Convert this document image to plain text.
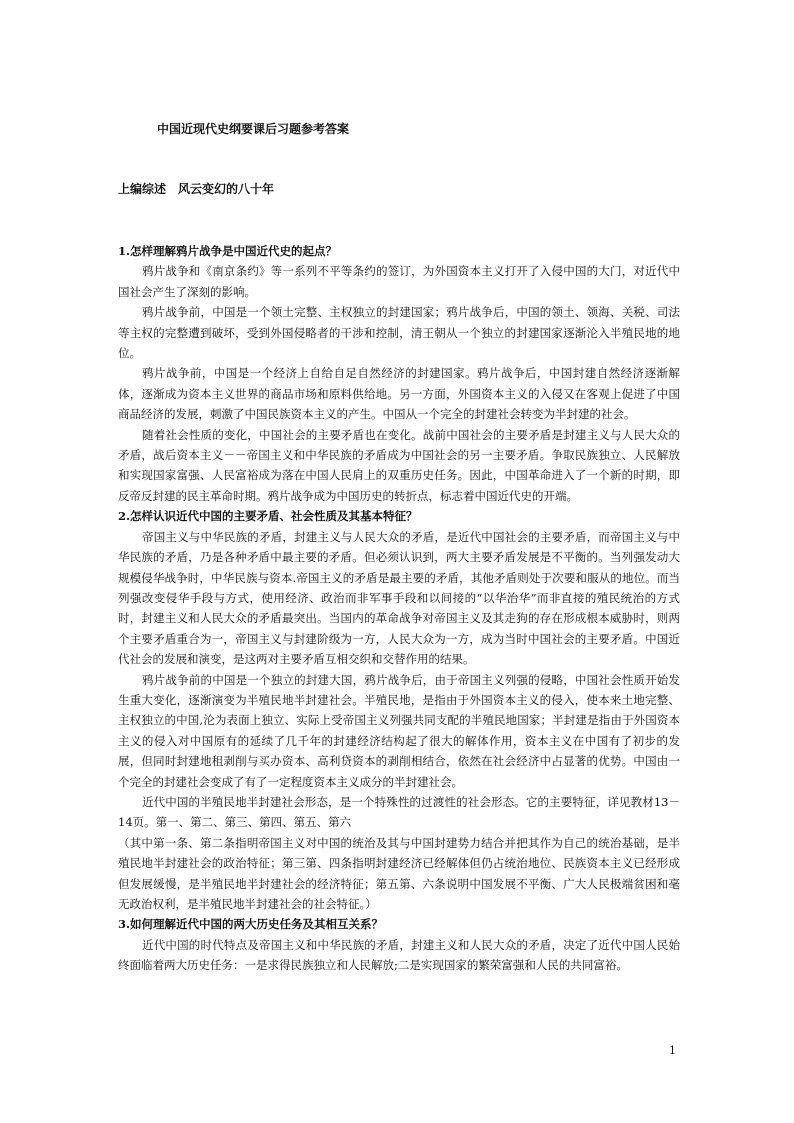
中国近现代史纲要课后习题参考答案
上编综述　风云变幻的八十年

1.怎样理解鸦片战争是中国近代史的起点？

鸦片战争和《南京条约》等一系列不平等条约的签订，为外国资本主义打开了入侵中国的大门，对近代中国社会产生了深刻的影响。

鸦片战争前，中国是一个领土完整、主权独立的封建国家；鸦片战争后，中国的领土、领海、关税、司法等主权的完整遭到破坏，受到外国侵略者的干涉和控制，清王朝从一个独立的封建国家逐渐沦入半殖民地的地位。

鸦片战争前，中国是一个经济上自给自足自然经济的封建国家。鸦片战争后，中国封建自然经济逐渐解体，逐渐成为资本主义世界的商品市场和原料供给地。另一方面，外国资本主义的入侵又在客观上促进了中国商品经济的发展，刺激了中国民族资本主义的产生。中国从一个完全的封建社会转变为半封建的社会。

随着社会性质的变化，中国社会的主要矛盾也在变化。战前中国社会的主要矛盾是封建主义与人民大众的矛盾，战后资本主义－－帝国主义和中华民族的矛盾成为中国社会的另一主要矛盾。争取民族独立、人民解放和实现国家富强、人民富裕成为落在中国人民肩上的双重历史任务。因此，中国革命进入了一个新的时期，即反帝反封建的民主革命时期。鸦片战争成为中国历史的转折点，标志着中国近代史的开端。

2.怎样认识近代中国的主要矛盾、社会性质及其基本特征？

帝国主义与中华民族的矛盾，封建主义与人民大众的矛盾，是近代中国社会的主要矛盾，而帝国主义与中华民族的矛盾，乃是各种矛盾中最主要的矛盾。但必须认识到，两大主要矛盾发展是不平衡的。当列强发动大规模侵华战争时，中华民族与资本.帝国主义的矛盾是最主要的矛盾，其他矛盾则处于次要和服从的地位。而当列强改变侵华手段与方式，使用经济、政治而非军事手段和以间接的“以华治华”而非直接的殖民统治的方式时，封建主义和人民大众的矛盾最突出。当国内的革命战争对帝国主义及其走狗的存在形成根本威胁时，则两个主要矛盾重合为一，帝国主义与封建阶级为一方，人民大众为一方，成为当时中国社会的主要矛盾。中国近代社会的发展和演变，是这两对主要矛盾互相交织和交替作用的结果。

鸦片战争前的中国是一个独立的封建大国，鸦片战争后，由于帝国主义列强的侵略，中国社会性质开始发生重大变化，逐渐演变为半殖民地半封建社会。半殖民地，是指由于外国资本主义的侵入，使本来土地完整、主权独立的中国,沦为表面上独立、实际上受帝国主义列强共同支配的半殖民地国家；半封建是指由于外国资本主义的侵入对中国原有的延续了几千年的封建经济结构起了很大的解体作用，资本主义在中国有了初步的发展，但同时封建地租剥削与买办资本、高利贷资本的剥削相结合，依然在社会经济中占显著的优势。中国由一个完全的封建社会变成了有了一定程度资本主义成分的半封建社会。

近代中国的半殖民地半封建社会形态，是一个特殊性的过渡性的社会形态。它的主要特征，详见教材13－14页。第一、第二、第三、第四、第五、第六

（其中第一条、第二条指明帝国主义对中国的统治及其与中国封建势力结合并把其作为自己的统治基础，是半殖民地半封建社会的政治特征；第三第、四条指明封建经济已经解体但仍占统治地位、民族资本主义已经形成但发展缓慢，是半殖民地半封建社会的经济特征；第五第、六条说明中国发展不平衡、广大人民极端贫困和毫无政治权利，是半殖民地半封建社会的社会特征。）

3.如何理解近代中国的两大历史任务及其相互关系？

近代中国的时代特点及帝国主义和中华民族的矛盾，封建主义和人民大众的矛盾，决定了近代中国人民始终面临着两大历史任务：一是求得民族独立和人民解放;二是实现国家的繁荣富强和人民的共同富裕。

1
